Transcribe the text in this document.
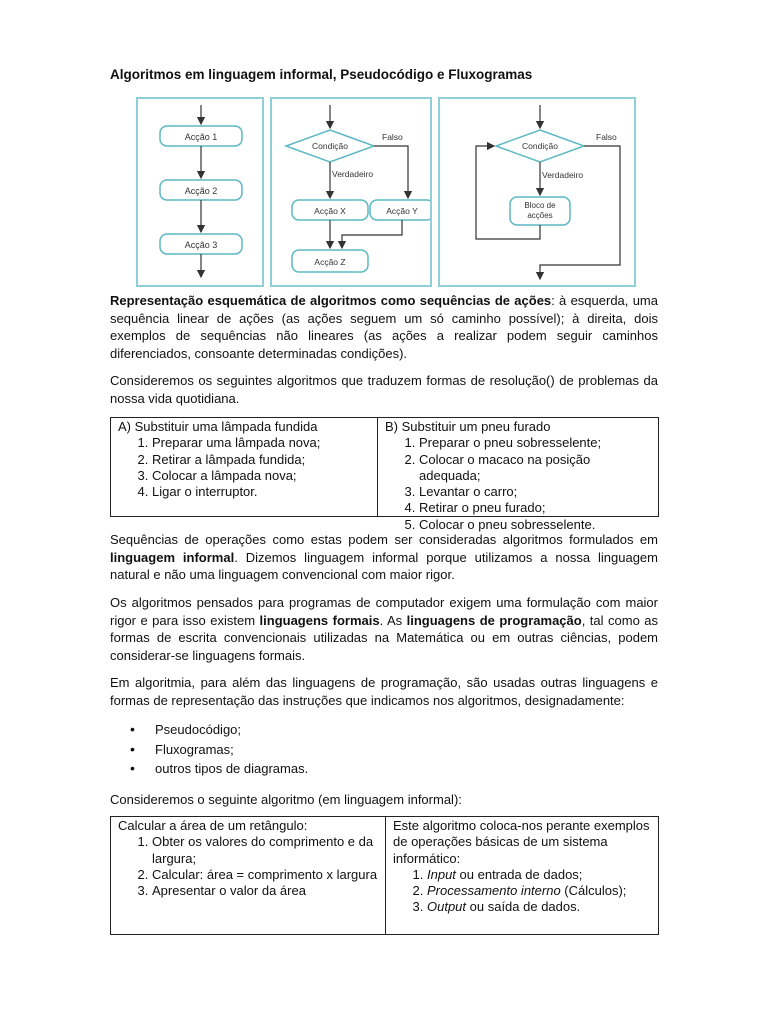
Algoritmos em linguagem informal, Pseudocódigo e Fluxogramas
Acção 1
Acção 2
Acção 3
Condição
Falso
Verdadeiro
Acção X	Acção Y
Acção Z
Condição
Falso
Verdadeiro
Bloco de
acções
Representação esquemática de algoritmos como sequências de ações: à esquerda, uma sequência linear de ações (as ações seguem um só caminho possível); à direita, dois exemplos de sequências não lineares (as ações a realizar podem seguir caminhos diferenciados, consoante determinadas condições).
Consideremos os seguintes algoritmos que traduzem formas de resolução() de problemas da nossa vida quotidiana.
A) Substituir uma lâmpada fundida
1. Preparar uma lâmpada nova;
2. Retirar a lâmpada fundida;
3. Colocar a lâmpada nova;
4. Ligar o interruptor.
B) Substituir um pneu furado
1. Preparar o pneu sobresselente;
2. Colocar o macaco na posição adequada;
3. Levantar o carro;
4. Retirar o pneu furado;
5. Colocar o pneu sobresselente.
Sequências de operações como estas podem ser consideradas algoritmos formulados em linguagem informal. Dizemos linguagem informal porque utilizamos a nossa linguagem natural e não uma linguagem convencional com maior rigor.
Os algoritmos pensados para programas de computador exigem uma formulação com maior rigor e para isso existem linguagens formais. As linguagens de programação, tal como as formas de escrita convencionais utilizadas na Matemática ou em outras ciências, podem considerar-se linguagens formais.
Em algoritmia, para além das linguagens de programação, são usadas outras linguagens e formas de representação das instruções que indicamos nos algoritmos, designadamente:
• Pseudocódigo;
• Fluxogramas;
• outros tipos de diagramas.
Consideremos o seguinte algoritmo (em linguagem informal):
Calcular a área de um retângulo:
1. Obter os valores do comprimento e da largura;
2. Calcular: área = comprimento x largura
3. Apresentar o valor da área
Este algoritmo coloca-nos perante exemplos de operações básicas de um sistema informático:
1. Input ou entrada de dados;
2. Processamento interno (Cálculos);
3. Output ou saída de dados.
